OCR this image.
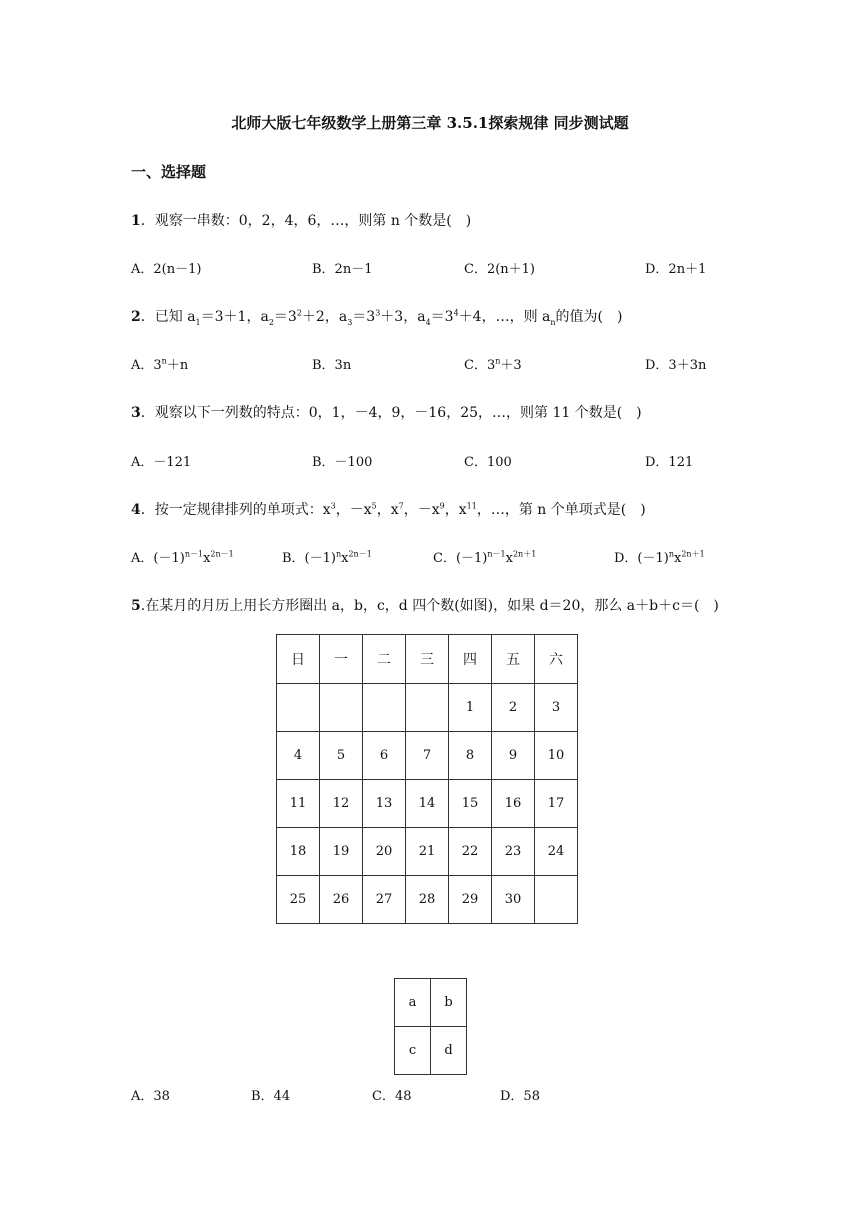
北师大版七年级数学上册第三章 3.5.1探索规律 同步测试题
一、选择题
1．观察一串数：0，2，4，6，…，则第 n 个数是(　)
A．2(n－1)	B．2n－1	C．2(n＋1)	D．2n＋1
2．已知 $a_1=3+1$，$a_2=3^2+2$，$a_3=3^3+3$，$a_4=3^4+4$，…，则 $a_n$的值为(　)
A．$3^n+n$	B．3n	C．$3^n+3$	D．3＋3n
3．观察以下一列数的特点：0，1，－4，9，－16，25，…，则第 11 个数是(　)
A．－121	B．－100	C．100	D．121
4．按一定规律排列的单项式：$x^3$，$-x^5$，$x^7$，$-x^9$，$x^{11}$，…，第 n 个单项式是(　)
A．$(-1)^{n-1}x^{2n-1}$	B．$(-1)^nx^{2n-1}$	C．$(-1)^{n-1}x^{2n+1}$	D．$(-1)^nx^{2n+1}$
5.在某月的月历上用长方形圈出 a，b，c，d 四个数(如图)，如果 d＝20，那么 a＋b＋c＝(　)
日	一	二	三	四	五	六
				1	2	3
4	5	6	7	8	9	10
11	12	13	14	15	16	17
18	19	20	21	22	23	24
25	26	27	28	29	30	
a	b
c	d
A．38	B．44	C．48	D．58
